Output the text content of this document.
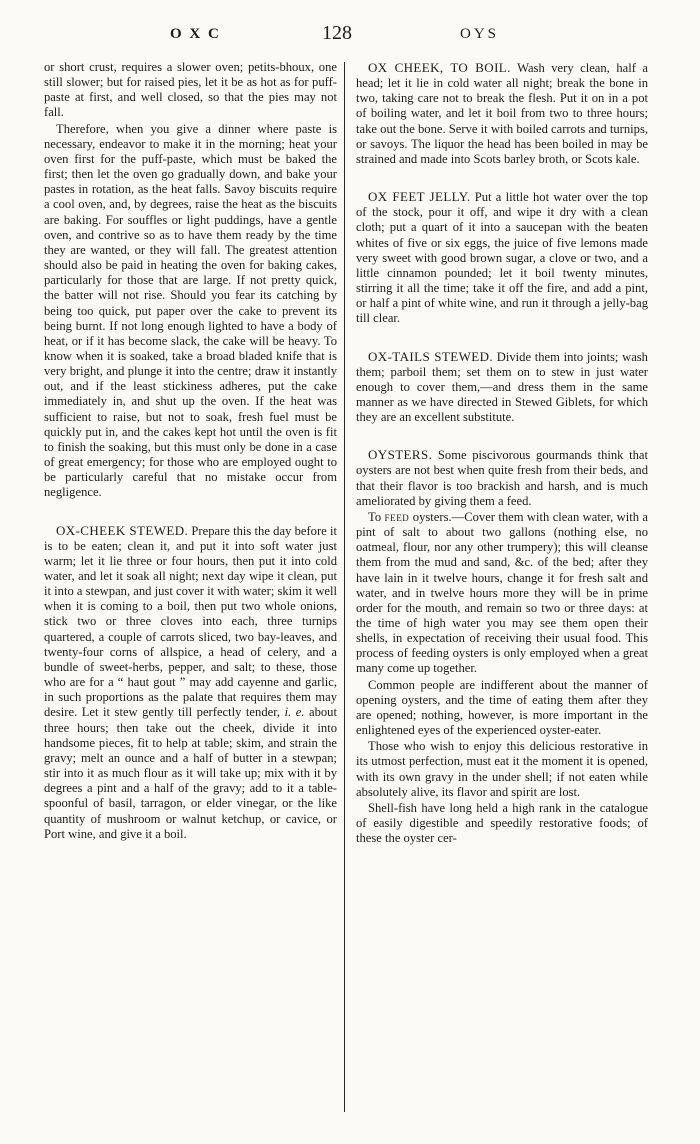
O X C	128	OYS

or short crust, requires a slower oven; petits-bhoux, one still slower; but for raised pies, let it be as hot as for puff-paste at first, and well closed, so that the pies may not fall.

Therefore, when you give a dinner where paste is necessary, endeavor to make it in the morning; heat your oven first for the puff-paste, which must be baked the first; then let the oven go gradually down, and bake your pastes in rotation, as the heat falls. Savoy biscuits require a cool oven, and, by degrees, raise the heat as the biscuits are baking. For souffles or light puddings, have a gentle oven, and contrive so as to have them ready by the time they are wanted, or they will fall. The greatest attention should also be paid in heating the oven for baking cakes, particularly for those that are large. If not pretty quick, the batter will not rise. Should you fear its catching by being too quick, put paper over the cake to prevent its being burnt. If not long enough lighted to have a body of heat, or if it has become slack, the cake will be heavy. To know when it is soaked, take a broad bladed knife that is very bright, and plunge it into the centre; draw it instantly out, and if the least stickiness adheres, put the cake immediately in, and shut up the oven. If the heat was sufficient to raise, but not to soak, fresh fuel must be quickly put in, and the cakes kept hot until the oven is fit to finish the soaking, but this must only be done in a case of great emergency; for those who are employed ought to be particularly careful that no mistake occur from negligence.

OX-CHEEK STEWED. Prepare this the day before it is to be eaten; clean it, and put it into soft water just warm; let it lie three or four hours, then put it into cold water, and let it soak all night; next day wipe it clean, put it into a stewpan, and just cover it with water; skim it well when it is coming to a boil, then put two whole onions, stick two or three cloves into each, three turnips quartered, a couple of carrots sliced, two bay-leaves, and twenty-four corns of allspice, a head of celery, and a bundle of sweet-herbs, pepper, and salt; to these, those who are for a “ haut gout ” may add cayenne and garlic, in such proportions as the palate that requires them may desire. Let it stew gently till perfectly tender, i. e. about three hours; then take out the cheek, divide it into handsome pieces, fit to help at table; skim, and strain the gravy; melt an ounce and a half of butter in a stewpan; stir into it as much flour as it will take up; mix with it by degrees a pint and a half of the gravy; add to it a table-spoonful of basil, tarragon, or elder vinegar, or the like quantity of mushroom or walnut ketchup, or cavice, or Port wine, and give it a boil.

OX CHEEK, TO BOIL. Wash very clean, half a head; let it lie in cold water all night; break the bone in two, taking care not to break the flesh. Put it on in a pot of boiling water, and let it boil from two to three hours; take out the bone. Serve it with boiled carrots and turnips, or savoys. The liquor the head has been boiled in may be strained and made into Scots barley broth, or Scots kale.

OX FEET JELLY. Put a little hot water over the top of the stock, pour it off, and wipe it dry with a clean cloth; put a quart of it into a saucepan with the beaten whites of five or six eggs, the juice of five lemons made very sweet with good brown sugar, a clove or two, and a little cinnamon pounded; let it boil twenty minutes, stirring it all the time; take it off the fire, and add a pint, or half a pint of white wine, and run it through a jelly-bag till clear.

OX-TAILS STEWED. Divide them into joints; wash them; parboil them; set them on to stew in just water enough to cover them,—and dress them in the same manner as we have directed in Stewed Giblets, for which they are an excellent substitute.

OYSTERS. Some piscivorous gourmands think that oysters are not best when quite fresh from their beds, and that their flavor is too brackish and harsh, and is much ameliorated by giving them a feed.

To feed oysters.—Cover them with clean water, with a pint of salt to about two gallons (nothing else, no oatmeal, flour, nor any other trumpery); this will cleanse them from the mud and sand, &c. of the bed; after they have lain in it twelve hours, change it for fresh salt and water, and in twelve hours more they will be in prime order for the mouth, and remain so two or three days: at the time of high water you may see them open their shells, in expectation of receiving their usual food. This process of feeding oysters is only employed when a great many come up together.

Common people are indifferent about the manner of opening oysters, and the time of eating them after they are opened; nothing, however, is more important in the enlightened eyes of the experienced oyster-eater.

Those who wish to enjoy this delicious restorative in its utmost perfection, must eat it the moment it is opened, with its own gravy in the under shell; if not eaten while absolutely alive, its flavor and spirit are lost.

Shell-fish have long held a high rank in the catalogue of easily digestible and speedily restorative foods; of these the oyster cer-
